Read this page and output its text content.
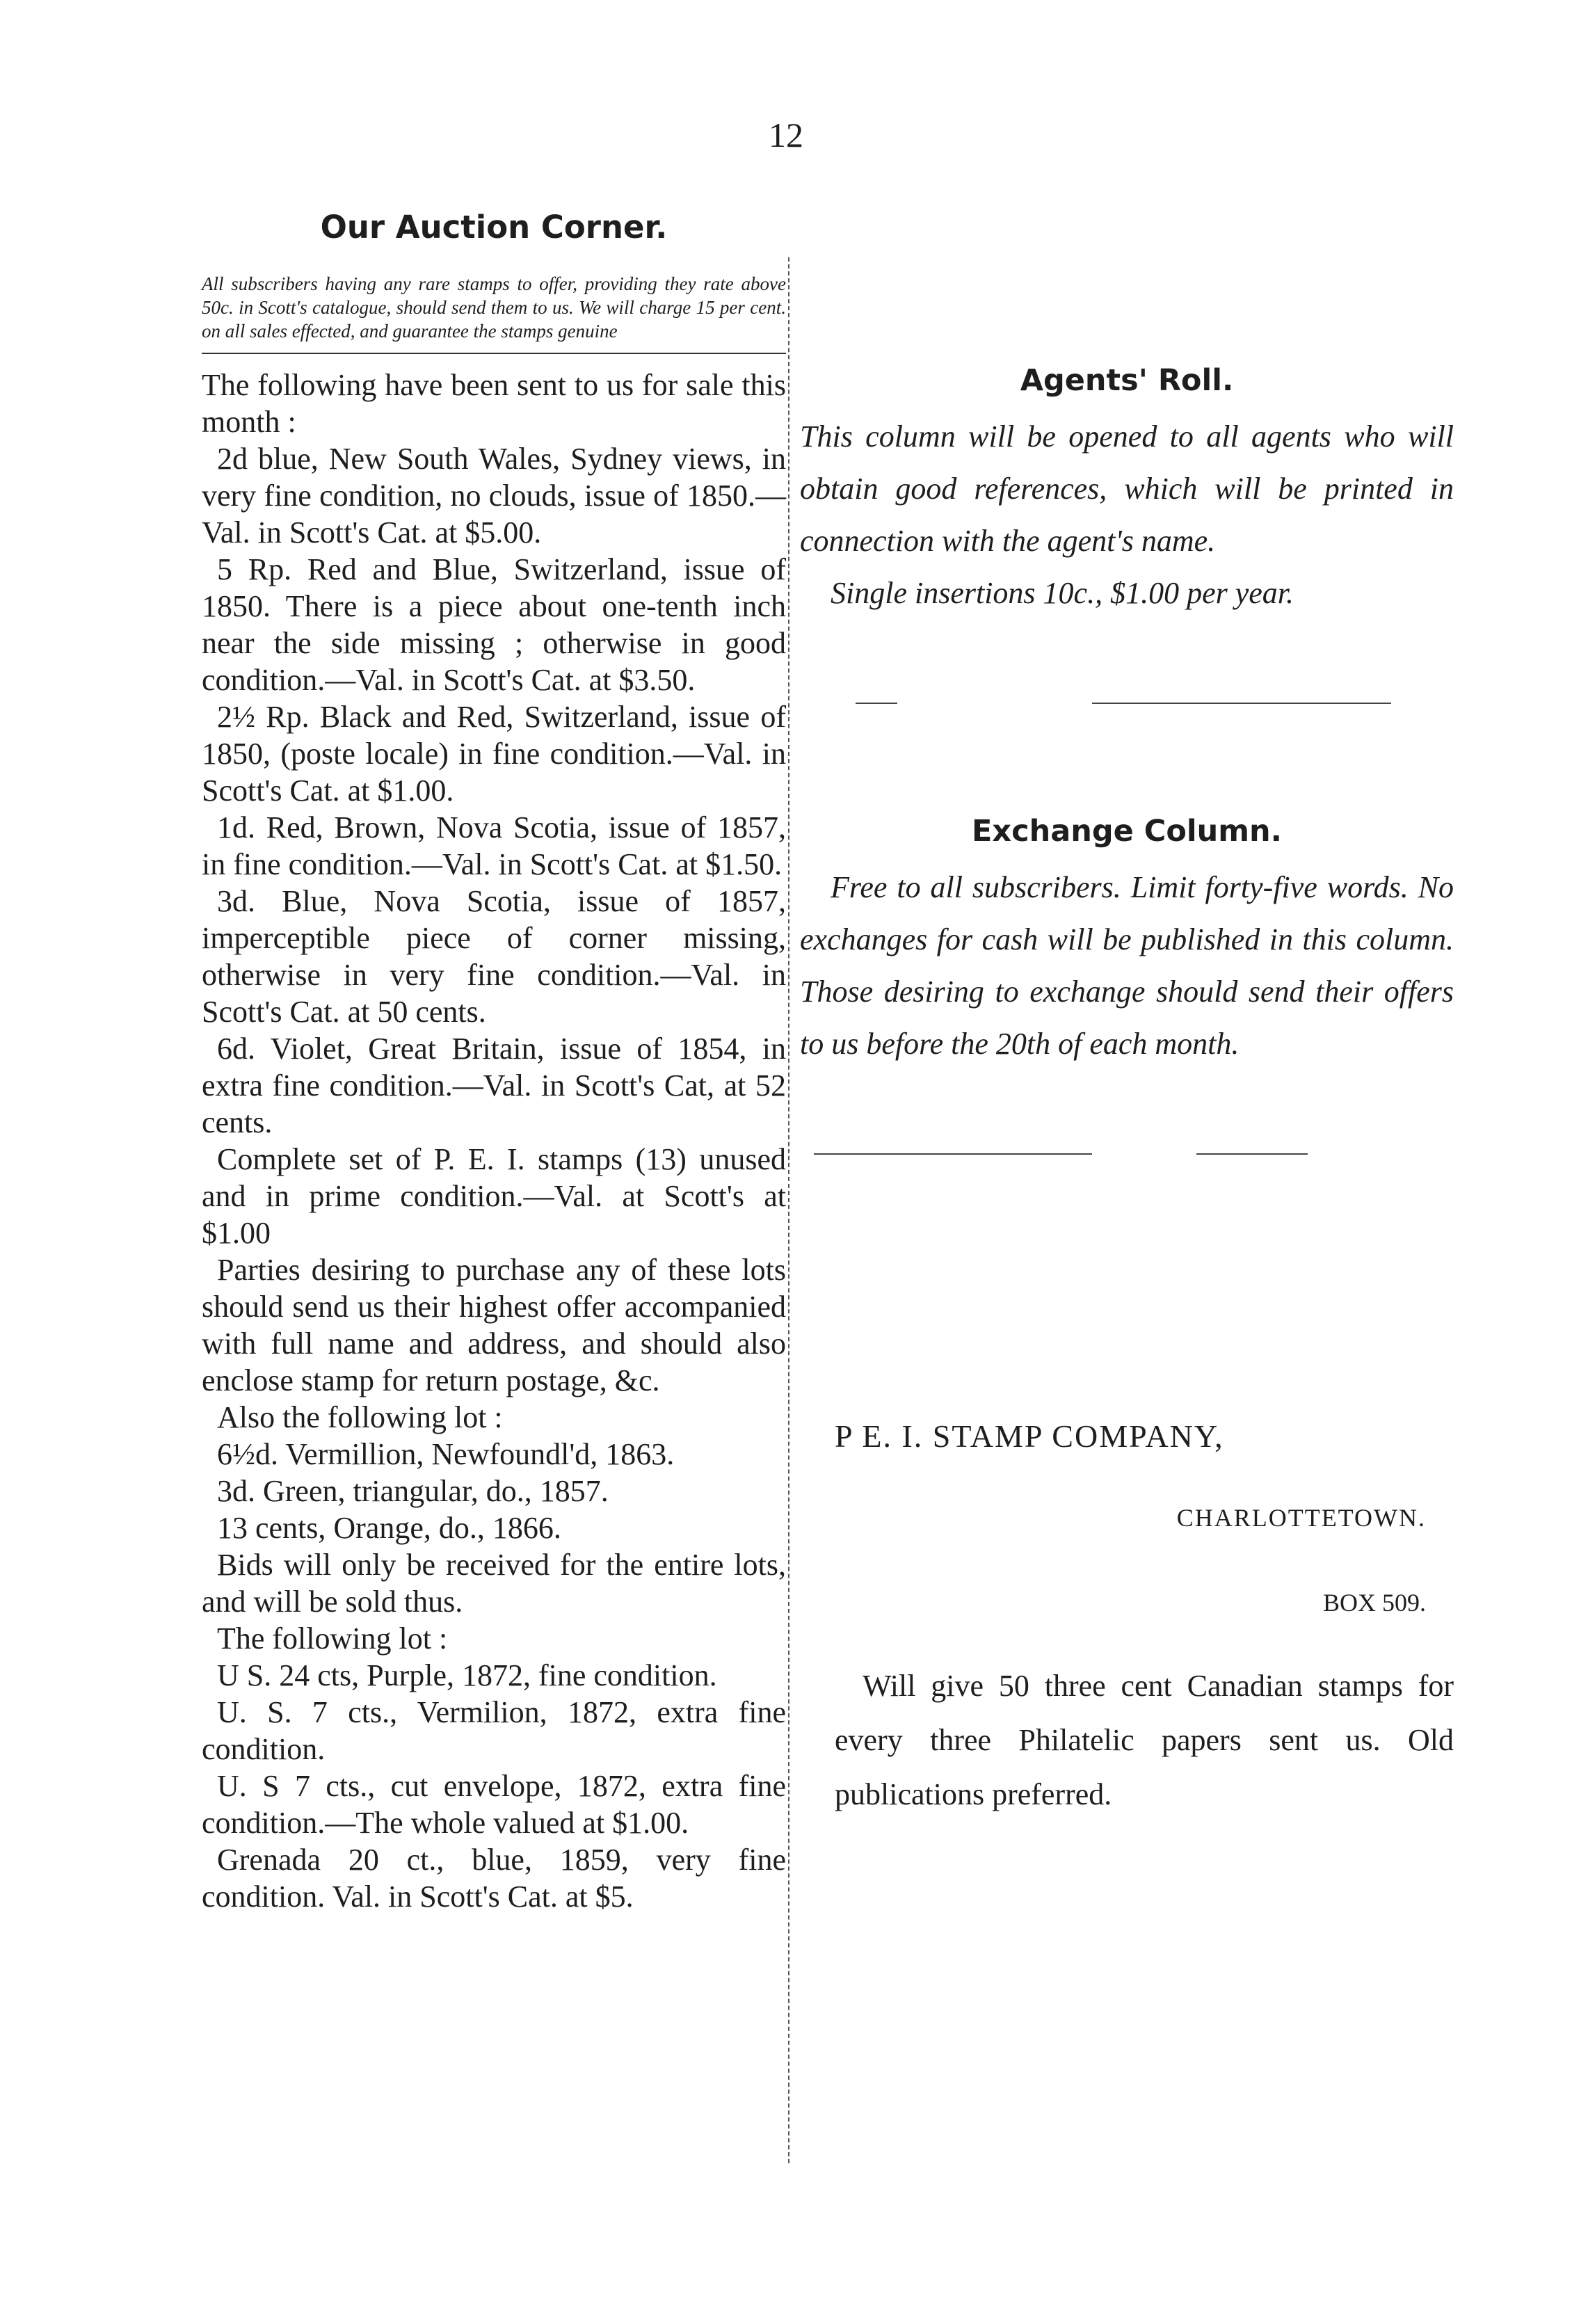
12
Our Auction Corner.
All subscribers having any rare stamps to offer, providing they rate above 50c. in Scott's catalogue, should send them to us. We will charge 15 per cent. on all sales effected, and guarantee the stamps genuine

The following have been sent to us for sale this month :

2d blue, New South Wales, Sydney views, in very fine condition, no clouds, issue of 1850.—Val. in Scott's Cat. at $5.00.

5 Rp. Red and Blue, Switzerland, issue of 1850. There is a piece about one-tenth inch near the side missing ; otherwise in good condition.—Val. in Scott's Cat. at $3.50.

2½ Rp. Black and Red, Switzerland, issue of 1850, (poste locale) in fine condition.—Val. in Scott's Cat. at $1.00.

1d. Red, Brown, Nova Scotia, issue of 1857, in fine condition.—Val. in Scott's Cat. at $1.50.

3d. Blue, Nova Scotia, issue of 1857, imperceptible piece of corner missing, otherwise in very fine condition.—Val. in Scott's Cat. at 50 cents.

6d. Violet, Great Britain, issue of 1854, in extra fine condition.—Val. in Scott's Cat, at 52 cents.

Complete set of P. E. I. stamps (13) unused and in prime condition.—Val. at Scott's at $1.00

Parties desiring to purchase any of these lots should send us their highest offer accompanied with full name and address, and should also enclose stamp for return postage, &c.

Also the following lot :

6½d. Vermillion, Newfoundl'd, 1863.

3d. Green, triangular, do., 1857.

13 cents, Orange, do., 1866.

Bids will only be received for the entire lots, and will be sold thus.

The following lot :

U S. 24 cts, Purple, 1872, fine condition.

U. S. 7 cts., Vermilion, 1872, extra fine condition.

U. S 7 cts., cut envelope, 1872, extra fine condition.—The whole valued at $1.00.

Grenada 20 ct., blue, 1859, very fine condition. Val. in Scott's Cat. at $5.

Agents' Roll.

This column will be opened to all agents who will obtain good references, which will be printed in connection with the agent's name.

Single insertions 10c., $1.00 per year.

Exchange Column.

Free to all subscribers. Limit forty-five words. No exchanges for cash will be published in this column. Those desiring to exchange should send their offers to us before the 20th of each month.

P E. I. STAMP COMPANY,

CHARLOTTETOWN.

BOX 509.

Will give 50 three cent Canadian stamps for every three Philatelic papers sent us. Old publications preferred.
